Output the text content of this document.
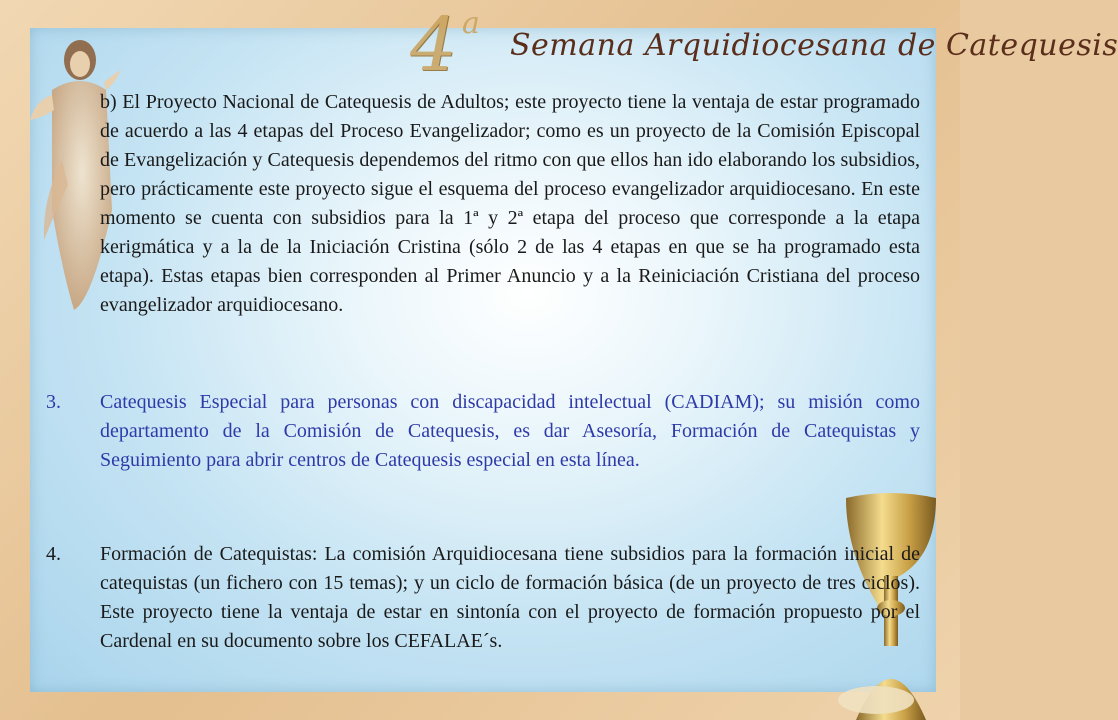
4 a
Semana Arquidiocesana de Catequesis

b) El Proyecto Nacional de Catequesis de Adultos; este proyecto tiene la ventaja de estar programado de acuerdo a las 4 etapas del Proceso Evangelizador; como es un proyecto de la Comisión Episcopal de Evangelización y Catequesis dependemos del ritmo con que ellos han ido elaborando los subsidios, pero prácticamente este proyecto sigue el esquema del proceso evangelizador arquidiocesano. En este momento se cuenta con subsidios para la 1ª y 2ª etapa del proceso que corresponde a la etapa kerigmática y a la de la Iniciación Cristina (sólo 2 de las 4 etapas en que se ha programado esta etapa). Estas etapas bien corresponden al Primer Anuncio y a la Reiniciación Cristiana del proceso evangelizador arquidiocesano.

3. Catequesis Especial para personas con discapacidad intelectual (CADIAM); su misión como departamento de la Comisión de Catequesis, es dar Asesoría, Formación de Catequistas y Seguimiento para abrir centros de Catequesis especial en esta línea.

4. Formación de Catequistas: La comisión Arquidiocesana tiene subsidios para la formación inicial de catequistas (un fichero con 15 temas); y un ciclo de formación básica (de un proyecto de tres ciclos). Este proyecto tiene la ventaja de estar en sintonía con el proyecto de formación propuesto por el Cardenal en su documento sobre los CEFALAE´s.
